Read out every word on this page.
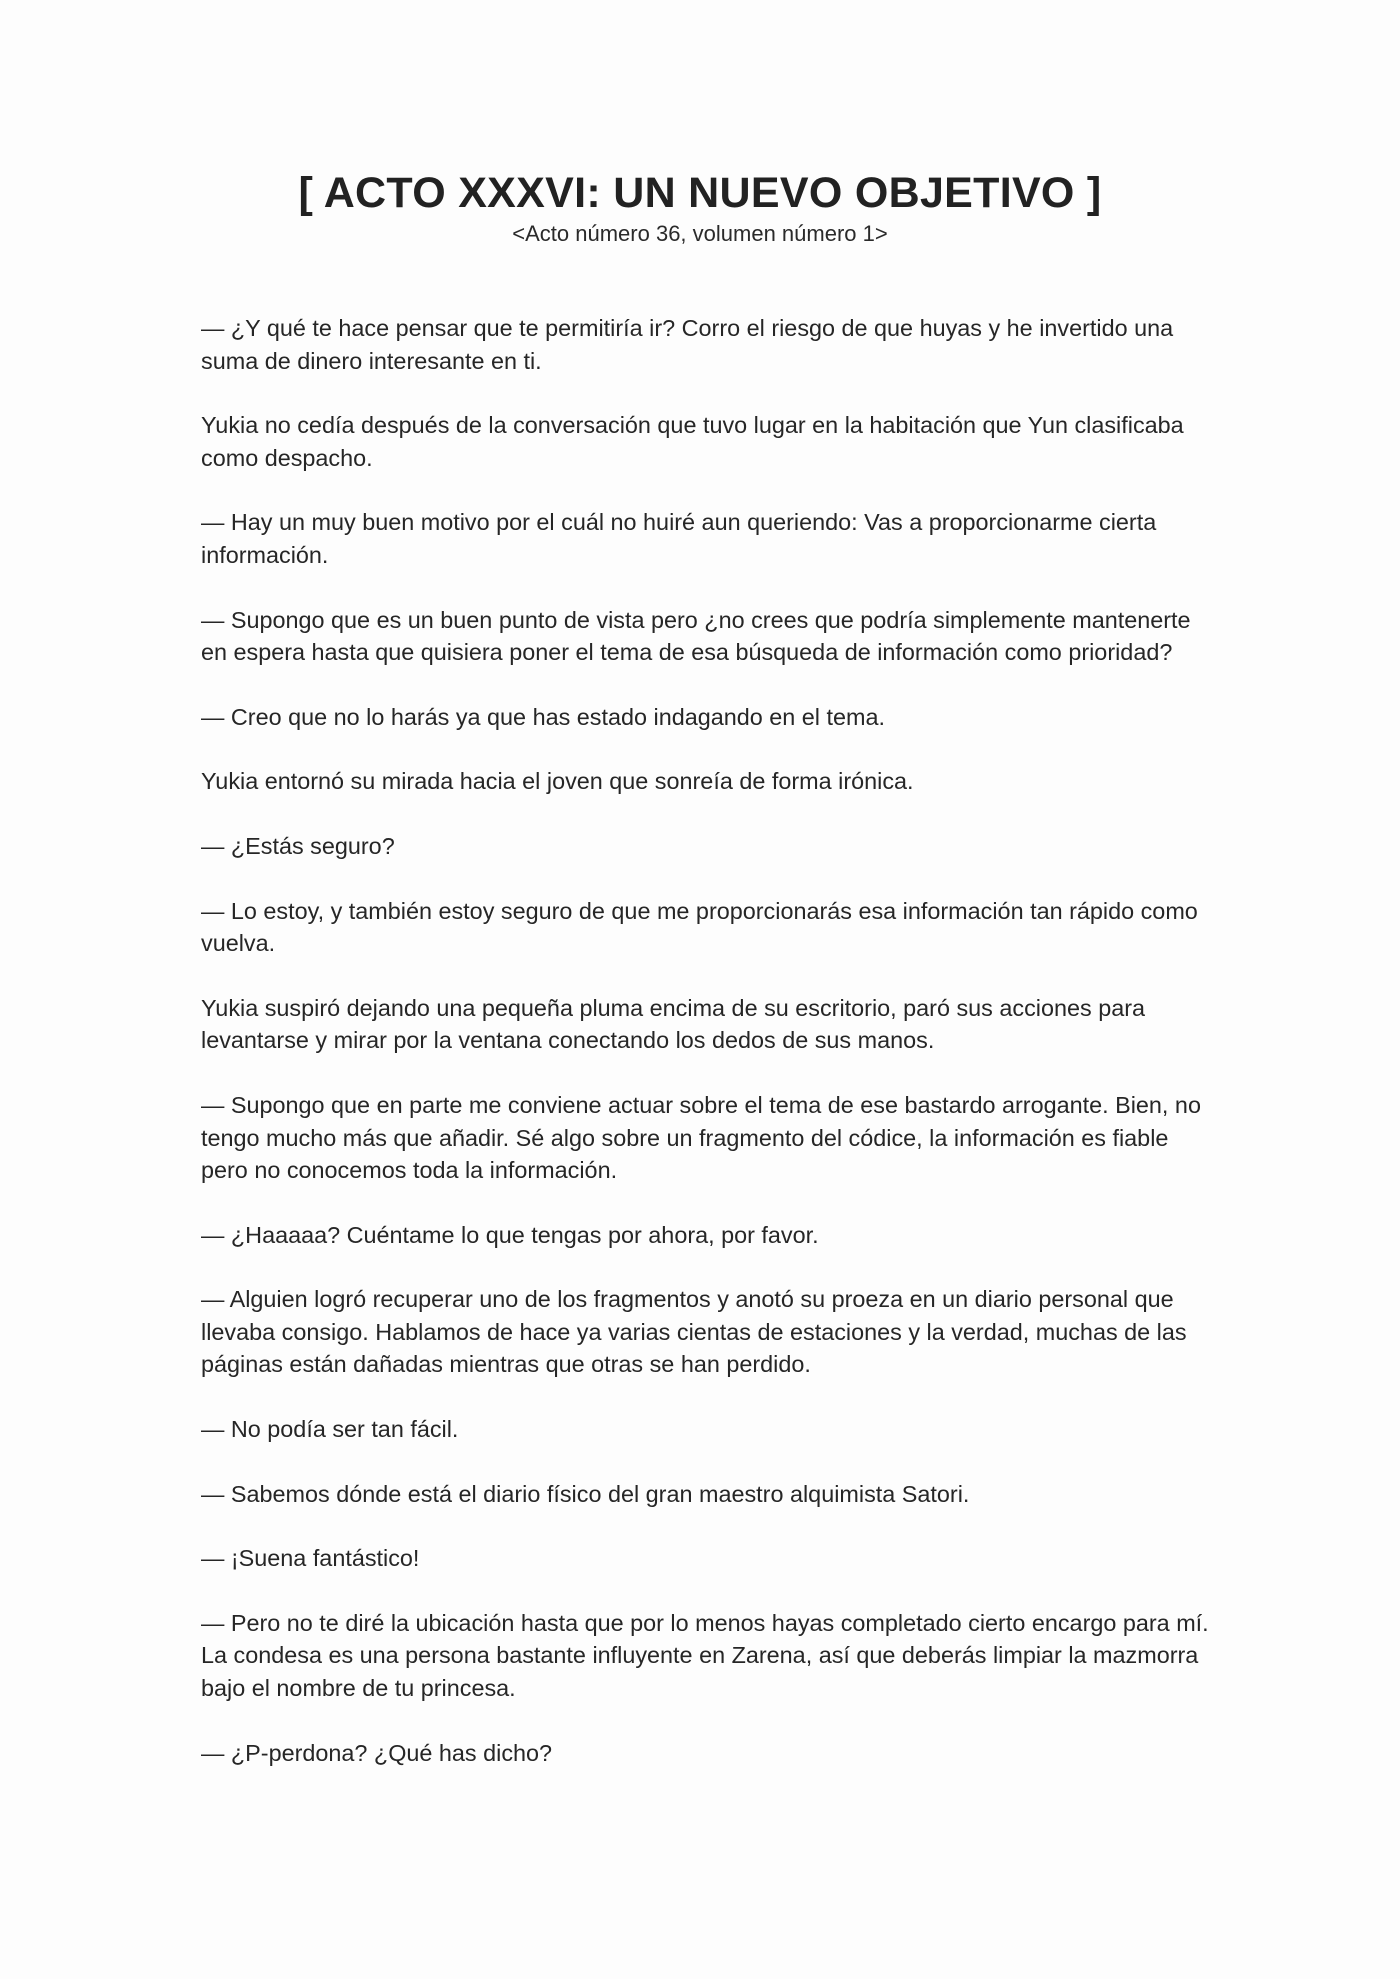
[ ACTO XXXVI: UN NUEVO OBJETIVO ]
<Acto número 36, volumen número 1>

— ¿Y qué te hace pensar que te permitiría ir? Corro el riesgo de que huyas y he invertido una suma de dinero interesante en ti.

Yukia no cedía después de la conversación que tuvo lugar en la habitación que Yun clasificaba como despacho.

— Hay un muy buen motivo por el cuál no huiré aun queriendo: Vas a proporcionarme cierta información.

— Supongo que es un buen punto de vista pero ¿no crees que podría simplemente mantenerte en espera hasta que quisiera poner el tema de esa búsqueda de información como prioridad?

— Creo que no lo harás ya que has estado indagando en el tema.

Yukia entornó su mirada hacia el joven que sonreía de forma irónica.

— ¿Estás seguro?

— Lo estoy, y también estoy seguro de que me proporcionarás esa información tan rápido como vuelva.

Yukia suspiró dejando una pequeña pluma encima de su escritorio, paró sus acciones para levantarse y mirar por la ventana conectando los dedos de sus manos.

— Supongo que en parte me conviene actuar sobre el tema de ese bastardo arrogante. Bien, no tengo mucho más que añadir. Sé algo sobre un fragmento del códice, la información es fiable pero no conocemos toda la información.

— ¿Haaaaa? Cuéntame lo que tengas por ahora, por favor.

— Alguien logró recuperar uno de los fragmentos y anotó su proeza en un diario personal que llevaba consigo. Hablamos de hace ya varias cientas de estaciones y la verdad, muchas de las páginas están dañadas mientras que otras se han perdido.

— No podía ser tan fácil.

— Sabemos dónde está el diario físico del gran maestro alquimista Satori.

— ¡Suena fantástico!

— Pero no te diré la ubicación hasta que por lo menos hayas completado cierto encargo para mí. La condesa es una persona bastante influyente en Zarena, así que deberás limpiar la mazmorra bajo el nombre de tu princesa.

— ¿P-perdona? ¿Qué has dicho?
